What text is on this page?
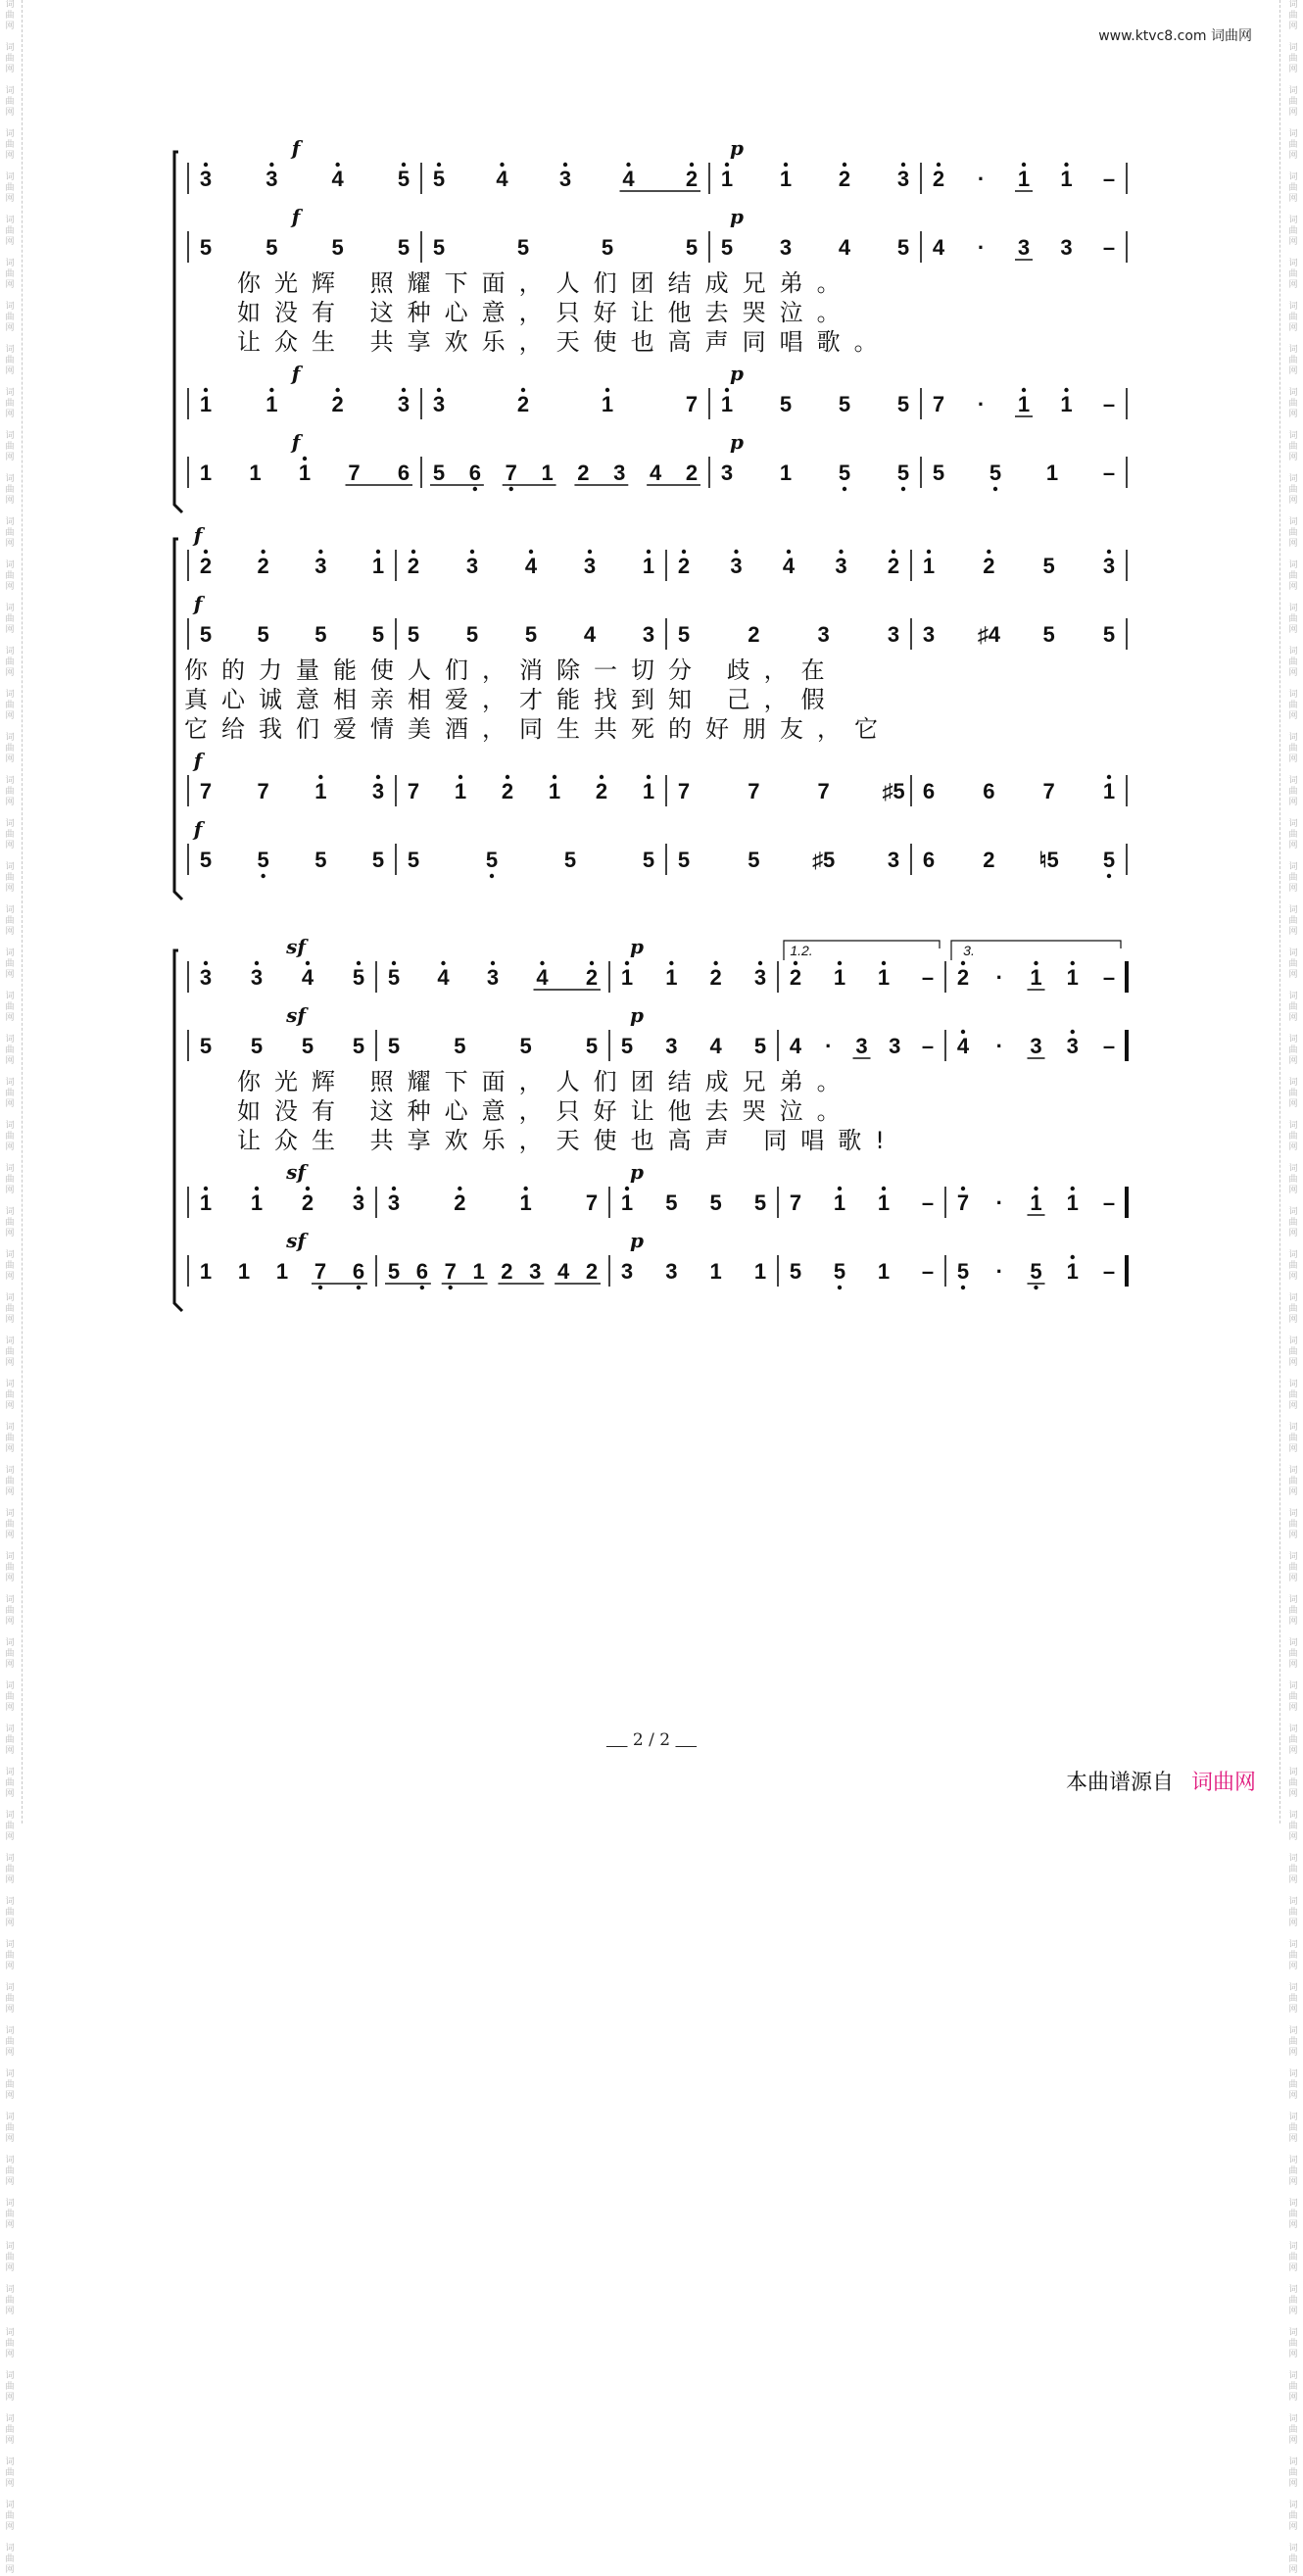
词
曲
网

词
曲
网

词
曲
网

词
曲
网

词
曲
网

词
曲
网

词
曲
网

词
曲
网

词
曲
网

词
曲
网

词
曲
网

词
曲
网

词
曲
网

词
曲
网

词
曲
网

词
曲
网

词
曲
网

词
曲
网

词
曲
网

词
曲
网

词
曲
网

词
曲
网

词
曲
网

词
曲
网

词
曲
网

词
曲
网

词
曲
网

词
曲
网

词
曲
网

词
曲
网

词
曲
网

词
曲
网

词
曲
网

词
曲
网

词
曲
网

词
曲
网

词
曲
网

词
曲
网

词
曲
网

词
曲
网

词
曲
网

词
曲
网

词
曲
网

词
曲
网

词
曲
网

词
曲
网

词
曲
网

词
曲
网

词
曲
网

词
曲
网

词
曲
网

词
曲
网

词
曲
网

词
曲
网

词
曲
网

词
曲
网

词
曲
网

词
曲
网

词
曲
网

词
曲
网

词
曲
网

词
曲
网

词
曲
网

词
曲
网

词
曲
网

词
曲
网

词
曲
网

词
曲
网

词
曲
网

词
曲
网

词
曲
网

词
曲
网

词
曲
网

词
曲
网

词
曲
网

词
曲
网

词
曲
网

词
曲
网

词
曲
网

词
曲
网

词
曲
网

词
曲
网

词
曲
网

词
曲
网

词
曲
网

词
曲
网

词
曲
网

词
曲
网

词
曲
网

词
曲
网

词
曲
网

词
曲
网

词
曲
网

词
曲
网

词
曲
网

词
曲
网

词
曲
网

词
曲
网

词
曲
网

词
曲
网

词
曲
网

词
曲
网

词
曲
网

词
曲
网

词
曲
网

词
曲
网

词
曲
网

词
曲
网

词
曲
网

词
曲
网

词
曲
网

词
曲
网

词
曲
网

词
曲
网

词
曲
网

词
曲
网

词
曲
网

词
曲
网

词
曲
网

词
曲
网

www.ktvc8.com 词曲网
f	p
3	3	4	5 5 4 3 4 2 1 1 2 3 2 · 1 1 –
f	p
5	5	5	5 5	5	5	5 5 3 4 5 4 · 3 3 –
f	p
1	1	2	3 3	2	1	7 1 5 5 5 7 · 1 1 –
f	p
1 1 1 7 6 5 6 7 1 2 3 4 2 3 1 5 5 5 5 1 –
你光辉 照耀下面，人们团结成兄弟。
如没有 这种心意，只好让他去哭泣。
让众生 共享欢乐，天使也高声同唱歌。
f
2 2 3 1 2 3 4 3 1 2 3 4 3 2 1 2 5 3
f
5 5 5 5 5 5 5 4 3 5	2	3	3 3 ♯4 5 5
f
7 7 1 3 7 1 2 1 2 1 7	7	7 ♯5 6 6 7 1
f
5 5 5 5 5	5	5	5 5	5 ♯5 3 6 2 ♮5 5
你的力量能使人们，消除一切分 歧，在
真心诚意相亲相爱，才能找到知 己，假
它给我们爱情美酒，同生共死的好朋友，它
sf	p
3 3 4 5 5 4 3 4 2 1 1 2 3 2 1 1 – 2 · 1 1 –
sf	p
5 5 5 5 5	5	5	5 5 3 4 5 4 · 3 3 – 4 · 3 3 –
sf	p
1 1 2 3 3	2	1	7 1 5 5 5 7 1 1 – 7 · 1 1 –
sf	p
1 1 1 7 6 5 6 7 1 2 3 4 2 3 3 1 1 5 5 1 – 5 · 5 1 –
1.2.	3.
你光辉 照耀下面，人们团结成兄弟。
如没有 这种心意，只好让他去哭泣。
让众生 共享欢乐，天使也高声 同唱歌!
2 / 2
本曲谱源自 词曲网
